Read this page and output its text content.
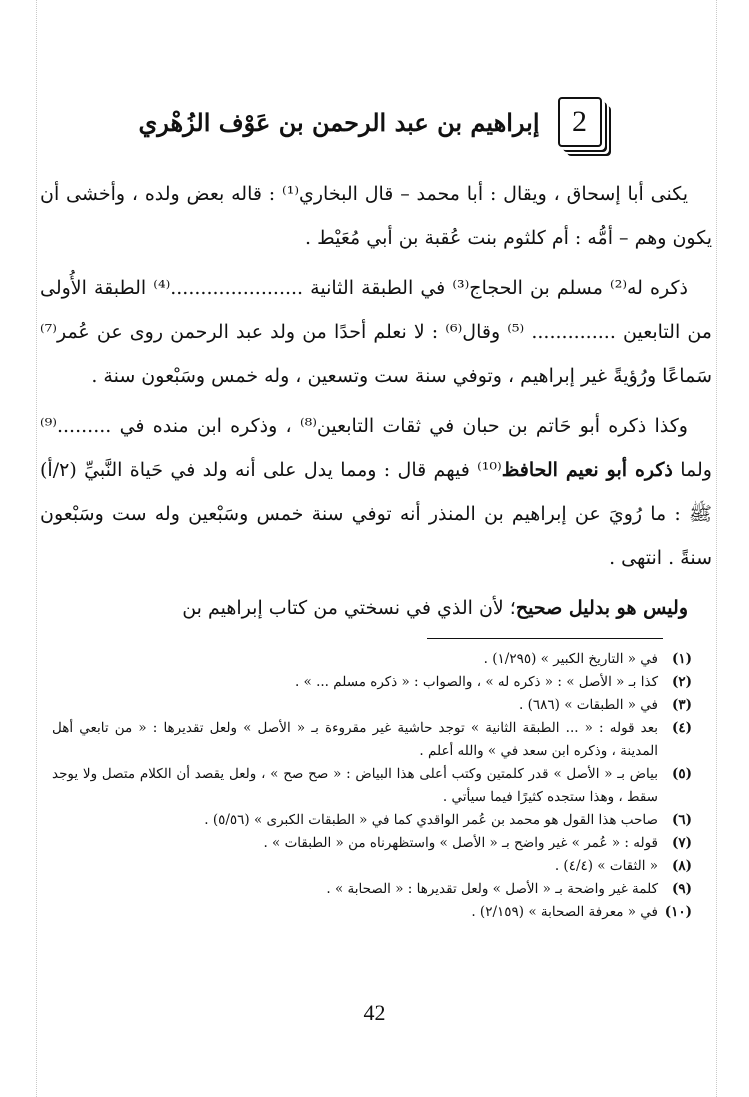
2
إبراهيم بن عبد الرحمن بن عَوْف الزُهْري

يكنى أبا إسحاق ، ويقال : أبا محمد – قال البخاري⁽¹⁾ : قاله بعض ولده ، وأخشى أن يكون وهم – أمُّه : أم كلثوم بنت عُقبة بن أبي مُعَيْط .

ذكره له⁽²⁾ مسلم بن الحجاج⁽³⁾ في الطبقة الثانية ......................⁽⁴⁾ الطبقة الأُولى من التابعين .............. ⁽⁵⁾ وقال⁽⁶⁾ : لا نعلم أحدًا من ولد عبد الرحمن روى عن عُمر⁽⁷⁾ سَماعًا ورُؤيةً غير إبراهيم ، وتوفي سنة ست وتسعين ، وله خمس وسَبْعون سنة .

وكذا ذكره أبو حَاتم بن حبان في ثقات التابعين⁽⁸⁾ ، وذكره ابن منده في .........⁽⁹⁾ ولما ذكره أبو نعيم الحافظ⁽¹⁰⁾ فيهم قال : ومما يدل على أنه ولد في حَياة النَّبيِّ (٢/أ) ﷺ : ما رُويَ عن إبراهيم بن المنذر أنه توفي سنة خمس وسَبْعين وله ست وسَبْعون سنةً . انتهى .

وليس هو بدليل صحيح؛ لأن الذي في نسختي من كتاب إبراهيم بن

(١)
في « التاريخ الكبير » (١/٢٩٥) .
(٢)
كذا بـ « الأصل » : « ذكره له » ، والصواب : « ذكره مسلم ... » .
(٣)
في « الطبقات » (٦٨٦) .
(٤)
بعد قوله : « ... الطبقة الثانية » توجد حاشية غير مقروءة بـ « الأصل » ولعل تقديرها : « من تابعي أهل المدينة ، وذكره ابن سعد في » والله أعلم .
(٥)
بياض بـ « الأصل » قدر كلمتين وكتب أعلى هذا البياض : « صح صح » ، ولعل يقصد أن الكلام متصل ولا يوجد سقط ، وهذا ستجده كثيرًا فيما سيأتي .
(٦)
صاحب هذا القول هو محمد بن عُمر الواقدي كما في « الطبقات الكبرى » (٥/٥٦) .
(٧)
قوله : « عُمر » غير واضح بـ « الأصل » واستظهرناه من « الطبقات » .
(٨)
« الثقات » (٤/٤) .
(٩)
كلمة غير واضحة بـ « الأصل » ولعل تقديرها : « الصحابة » .
(١٠)
في « معرفة الصحابة » (٢/١٥٩) .
42
